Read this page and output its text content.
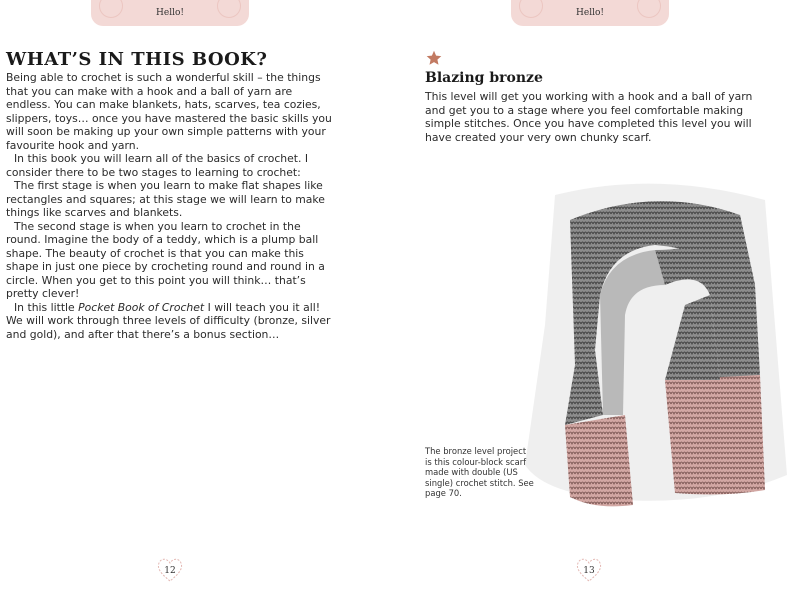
Hello!	Hello!
WHAT’S IN THIS BOOK?

Being able to crochet is such a wonderful skill – the things that you can make with a hook and a ball of yarn are endless. You can make blankets, hats, scarves, tea cozies, slippers, toys… once you have mastered the basic skills you will soon be making up your own simple patterns with your favourite hook and yarn.

In this book you will learn all of the basics of crochet. I consider there to be two stages to learning to crochet:

The first stage is when you learn to make flat shapes like rectangles and squares; at this stage we will learn to make things like scarves and blankets.

The second stage is when you learn to crochet in the round. Imagine the body of a teddy, which is a plump ball shape. The beauty of crochet is that you can make this shape in just one piece by crocheting round and round in a circle. When you get to this point you will think… that’s pretty clever!

In this little Pocket Book of Crochet I will teach you it all! We will work through three levels of difficulty (bronze, silver and gold), and after that there’s a bonus section…

Blazing bronze

This level will get you working with a hook and a ball of yarn and get you to a stage where you feel comfortable making simple stitches. Once you have completed this level you will have created your very own chunky scarf.

The bronze level project is this colour-block scarf made with double (US single) crochet stitch. See page 70.

12	13
